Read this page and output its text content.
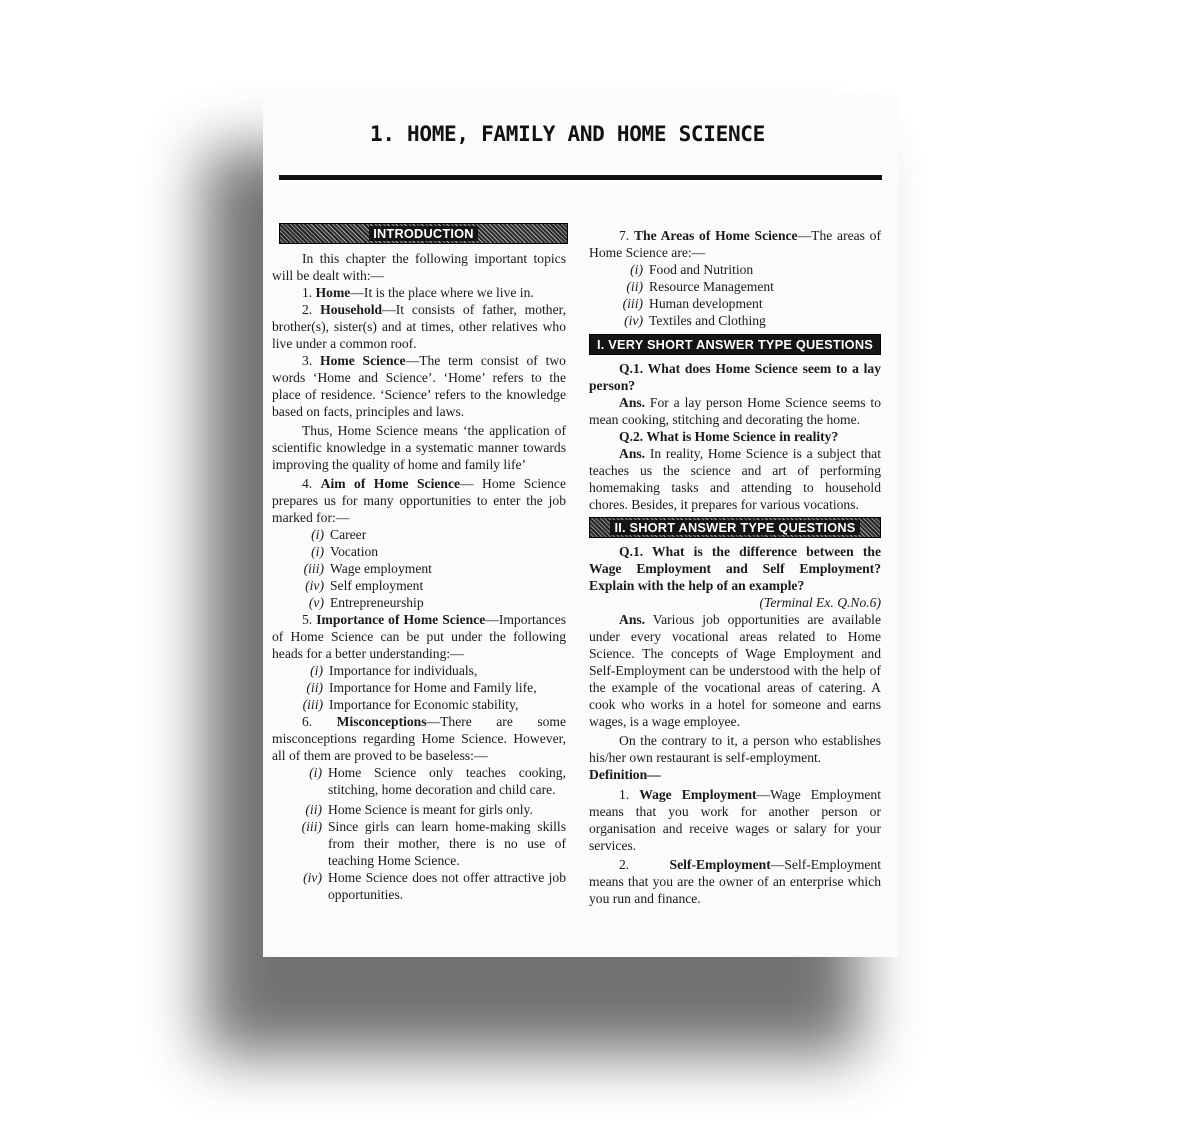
1. HOME, FAMILY AND HOME SCIENCE
INTRODUCTION

In this chapter the following important topics will be dealt with:—

1. Home—It is the place where we live in.

2. Household—It consists of father, mother, brother(s), sister(s) and at times, other relatives who live under a common roof.

3. Home Science—The term consist of two words ‘Home and Science’. ‘Home’ refers to the place of residence. ‘Science’ refers to the knowledge based on facts, principles and laws.

Thus, Home Science means ‘the application of scientific knowledge in a systematic manner towards improving the quality of home and family life’

4. Aim of Home Science— Home Science prepares us for many opportunities to enter the job marked for:—

(i) Career
(i) Vocation
(iii) Wage employment
(iv) Self employment
(v) Entrepreneurship

5. Importance of Home Science—Importances of Home Science can be put under the following heads for a better understanding:—

(i) Importance for individuals,
(ii) Importance for Home and Family life,
(iii) Importance for Economic stability,

6. Misconceptions—There are some misconceptions regarding Home Science. However, all of them are proved to be baseless:—

(i) Home Science only teaches cooking, stitching, home decoration and child care.
(ii) Home Science is meant for girls only.
(iii) Since girls can learn home-making skills from their mother, there is no use of teaching Home Science.
(iv) Home Science does not offer attractive job opportunities.

7. The Areas of Home Science—The areas of Home Science are:—

(i) Food and Nutrition
(ii) Resource Management
(iii) Human development
(iv) Textiles and Clothing
I. VERY SHORT ANSWER TYPE QUESTIONS

Q.1. What does Home Science seem to a lay person?

Ans. For a lay person Home Science seems to mean cooking, stitching and decorating the home.

Q.2. What is Home Science in reality?

Ans. In reality, Home Science is a subject that teaches us the science and art of performing homemaking tasks and attending to household chores. Besides, it prepares for various vocations.

II. SHORT ANSWER TYPE QUESTIONS

Q.1. What is the difference between the Wage Employment and Self Employment? Explain with the help of an example?

(Terminal Ex. Q.No.6)

Ans. Various job opportunities are available under every vocational areas related to Home Science. The concepts of Wage Employment and Self-Employment can be understood with the help of the example of the vocational areas of catering. A cook who works in a hotel for someone and earns wages, is a wage employee.

On the contrary to it, a person who establishes his/her own restaurant is self-employment.

Definition—

1. Wage Employment—Wage Employment means that you work for another person or organisation and receive wages or salary for your services.

2. Self-Employment—Self-Employment means that you are the owner of an enterprise which you run and finance.
